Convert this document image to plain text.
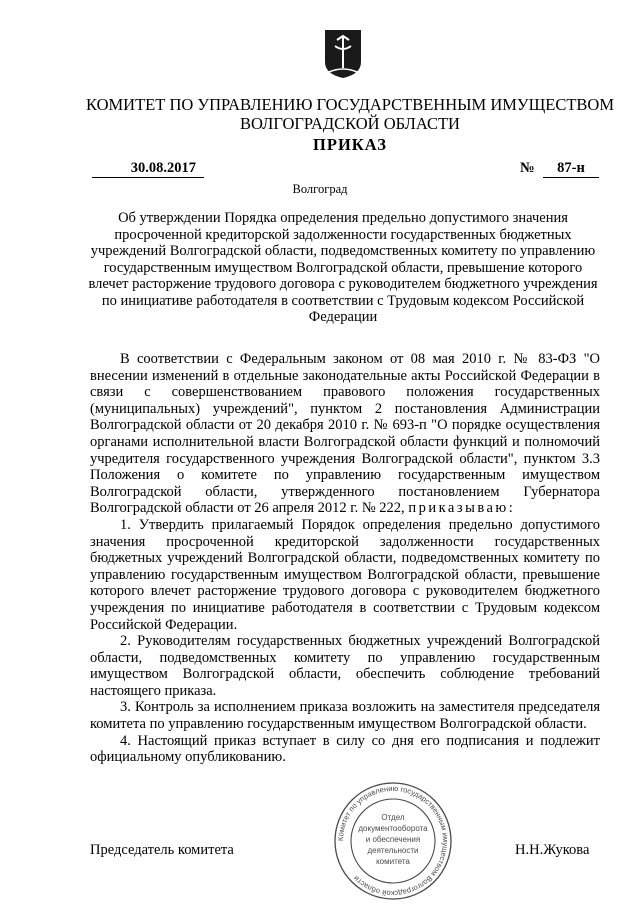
КОМИТЕТ ПО УПРАВЛЕНИЮ ГОСУДАРСТВЕННЫМ ИМУЩЕСТВОМ
ВОЛГОГРАДСКОЙ ОБЛАСТИ
ПРИКАЗ
30.08.2017	№	87-н
Волгоград
Об утверждении Порядка определения предельно допустимого значения просроченной кредиторской задолженности государственных бюджетных учреждений Волгоградской области, подведомственных комитету по управлению государственным имуществом Волгоградской области, превышение которого влечет расторжение трудового договора с руководителем бюджетного учреждения по инициативе работодателя в соответствии с Трудовым кодексом Российской Федерации

В соответствии с Федеральным законом от 08 мая 2010 г. № 83-ФЗ "О внесении изменений в отдельные законодательные акты Российской Федерации в связи с совершенствованием правового положения государственных (муниципальных) учреждений", пунктом 2 постановления Администрации Волгоградской области от 20 декабря 2010 г. № 693-п "О порядке осуществления органами исполнительной власти Волгоградской области функций и полномочий учредителя государственного учреждения Волгоградской области", пунктом 3.3 Положения о комитете по управлению государственным имуществом Волгоградской области, утвержденного постановлением Губернатора Волгоградской области от 26 апреля 2012 г. № 222, приказываю:

1. Утвердить прилагаемый Порядок определения предельно допустимого значения просроченной кредиторской задолженности государственных бюджетных учреждений Волгоградской области, подведомственных комитету по управлению государственным имуществом Волгоградской области, превышение которого влечет расторжение трудового договора с руководителем бюджетного учреждения по инициативе работодателя в соответствии с Трудовым кодексом Российской Федерации.

2. Руководителям государственных бюджетных учреждений Волгоградской области, подведомственных комитету по управлению государственным имуществом Волгоградской области, обеспечить соблюдение требований настоящего приказа.

3. Контроль за исполнением приказа возложить на заместителя председателя комитета по управлению государственным имуществом Волгоградской области.

4. Настоящий приказ вступает в силу со дня его подписания и подлежит официальному опубликованию.

Председатель комитета	Н.Н.Жукова
Комитет по управлению государственным имуществом Волгоградской области
Отдел
документооборота
и обеспечения
деятельности
комитета
